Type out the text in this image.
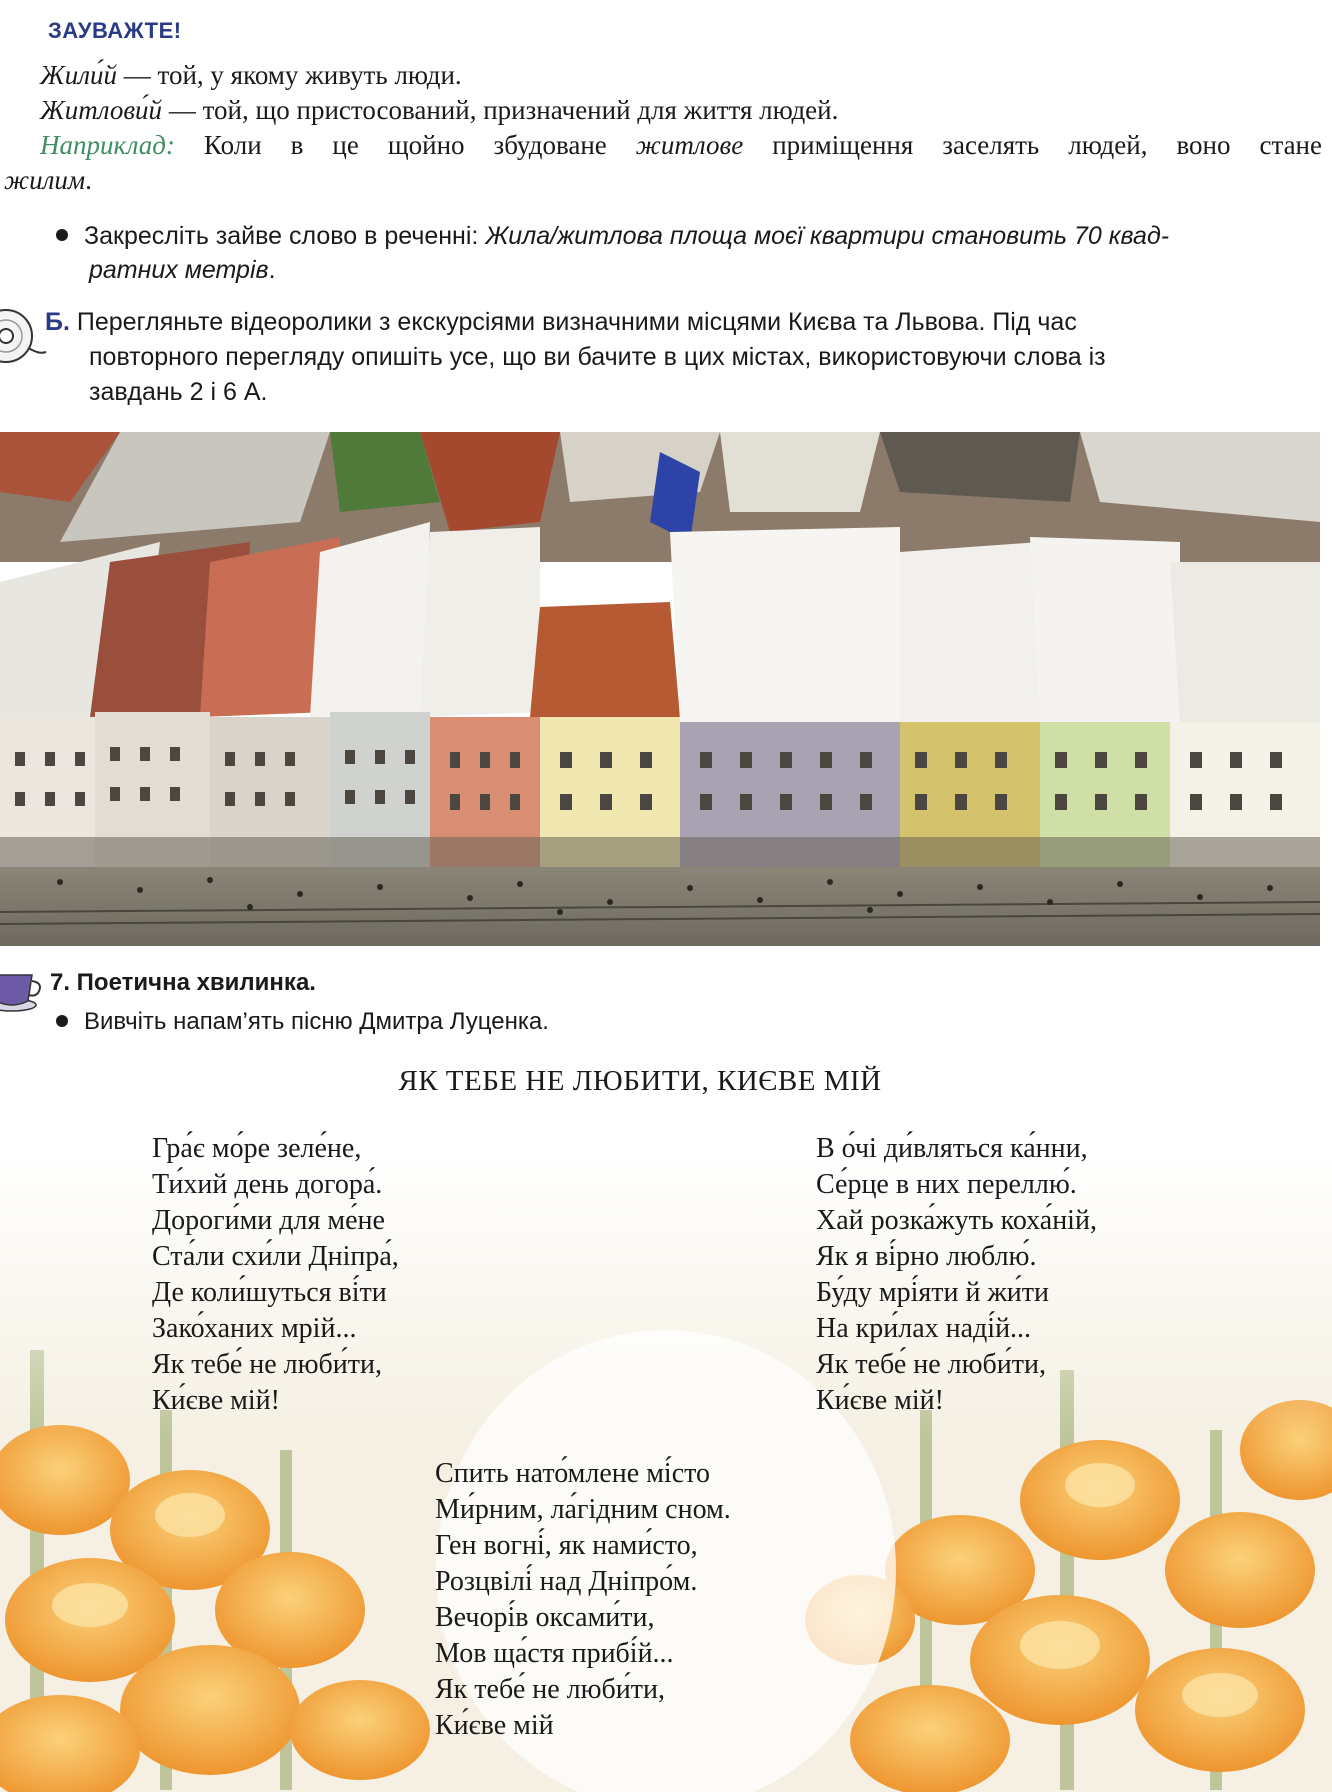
ЗАУВАЖТЕ!
Жили́й — той, у якому живуть люди.
Житлови́й — той, що пристосований, призначений для життя людей.
Наприклад: Коли в це щойно збудоване житлове приміщення заселять людей, воно стане
жилим.
Закресліть зайве слово в реченні: Жила/житлова площа моєї квартири становить 70 квад-
ратних метрів.
Б. Перегляньте відеоролики з екскурсіями визначними місцями Києва та Львова. Під час
повторного перегляду опишіть усе, що ви бачите в цих містах, використовуючи слова із
завдань 2 і 6 А.
7. Поетична хвилинка.
Вивчіть напам’ять пісню Дмитра Луценка.
ЯК ТЕБЕ НЕ ЛЮБИТИ, КИЄВЕ МІЙ
Гра́є мо́ре зеле́не,
Ти́хий день догора́.
Дороги́ми для ме́не
Ста́ли схи́ли Дніпра́,
Де коли́шуться ві́ти
Зако́ханих мрій...
Як тебе́ не люби́ти,
Ки́єве мій!
В о́чі ди́вляться ка́нни,
Се́рце в них переллю́.
Хай розка́жуть коха́ній,
Як я ві́рно люблю́.
Бу́ду мрі́яти й жи́ти
На кри́лах наді́й...
Як тебе́ не люби́ти,
Ки́єве мій!
Спить нато́млене мі́сто
Ми́рним, ла́гідним сном.
Ген вогні́, як нами́сто,
Розцвілі́ над Дніпро́м.
Вечорі́в оксами́ти,
Мов ща́стя прибі́й...
Як тебе́ не люби́ти,
Ки́єве мій
